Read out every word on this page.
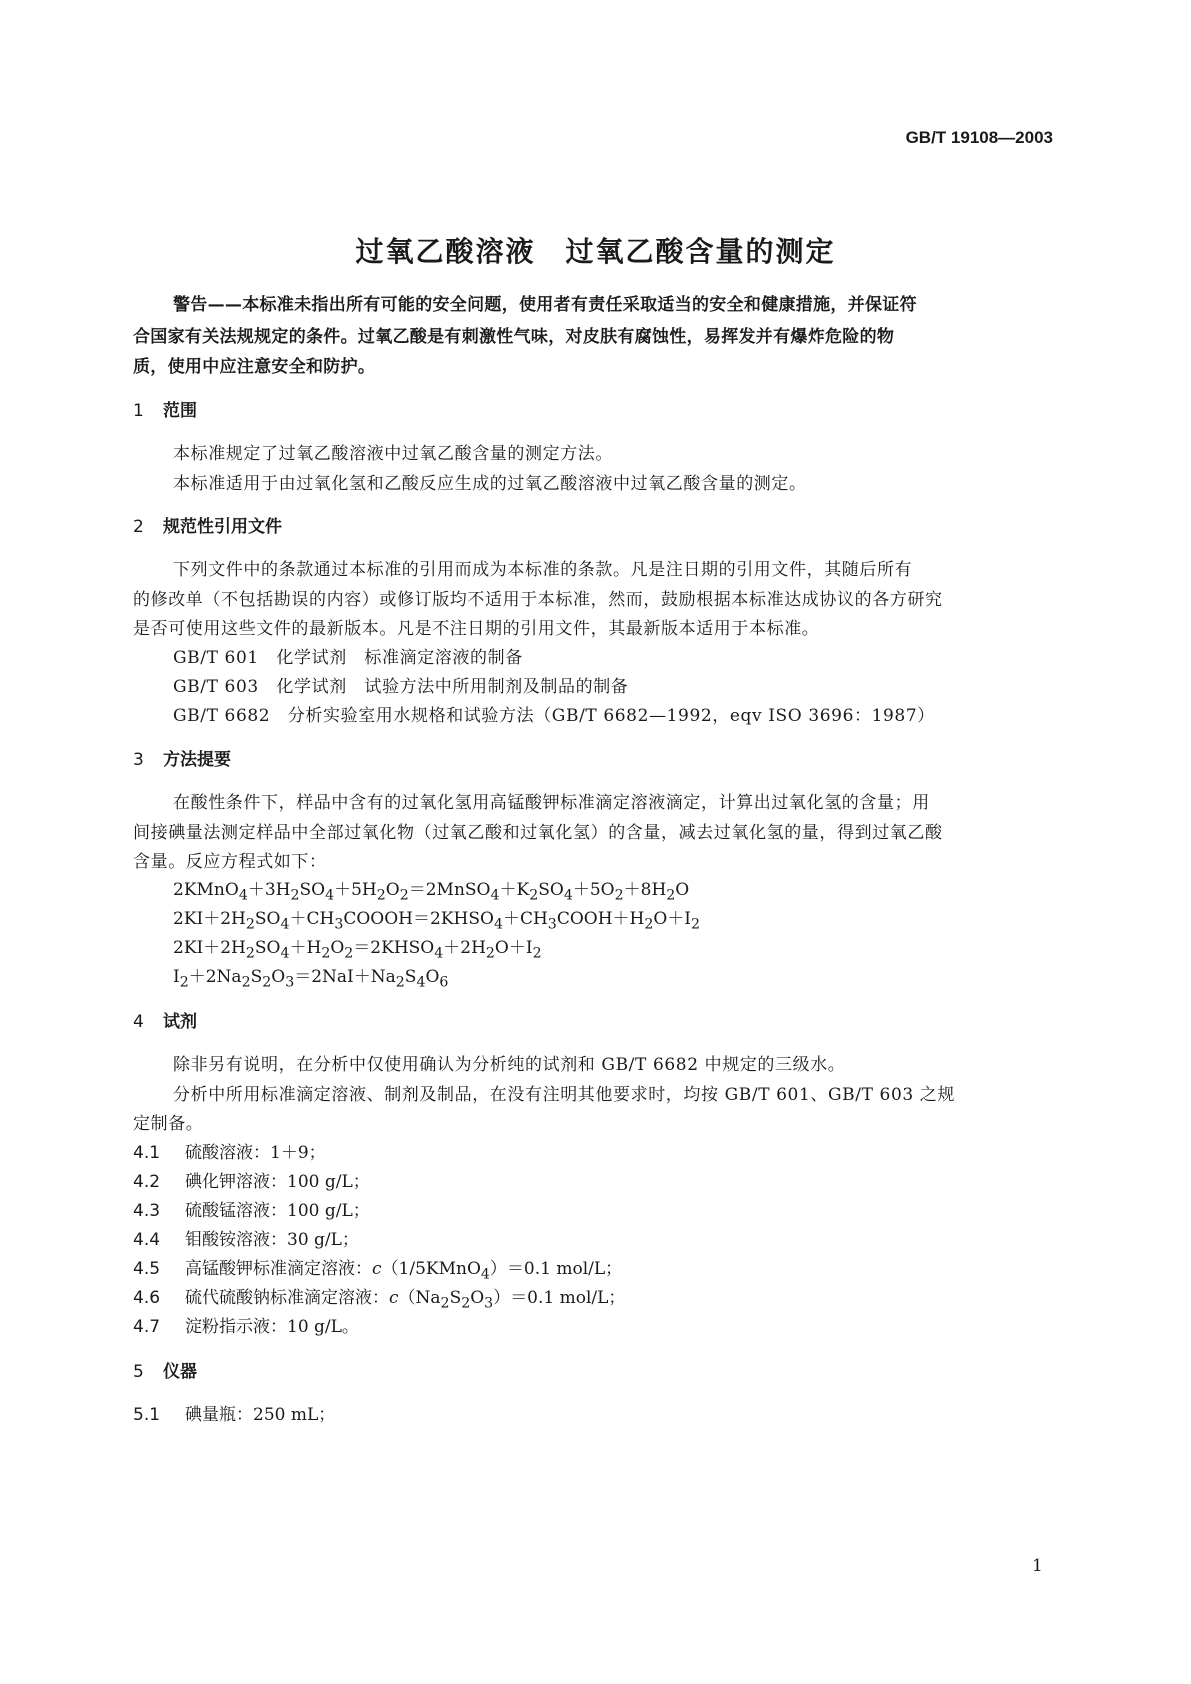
GB/T 19108—2003
过氧乙酸溶液　过氧乙酸含量的测定
警告——本标准未指出所有可能的安全问题，使用者有责任采取适当的安全和健康措施，并保证符
合国家有关法规规定的条件。过氧乙酸是有刺激性气味，对皮肤有腐蚀性，易挥发并有爆炸危险的物
质，使用中应注意安全和防护。
1 范围
本标准规定了过氧乙酸溶液中过氧乙酸含量的测定方法。
本标准适用于由过氧化氢和乙酸反应生成的过氧乙酸溶液中过氧乙酸含量的测定。
2 规范性引用文件
下列文件中的条款通过本标准的引用而成为本标准的条款。凡是注日期的引用文件，其随后所有
的修改单（不包括勘误的内容）或修订版均不适用于本标准，然而，鼓励根据本标准达成协议的各方研究
是否可使用这些文件的最新版本。凡是不注日期的引用文件，其最新版本适用于本标准。
GB/T 601　化学试剂　标准滴定溶液的制备
GB/T 603　化学试剂　试验方法中所用制剂及制品的制备
GB/T 6682　分析实验室用水规格和试验方法（GB/T 6682—1992，eqv ISO 3696：1987）
3 方法提要
在酸性条件下，样品中含有的过氧化氢用高锰酸钾标准滴定溶液滴定，计算出过氧化氢的含量；用
间接碘量法测定样品中全部过氧化物（过氧乙酸和过氧化氢）的含量，减去过氧化氢的量，得到过氧乙酸
含量。反应方程式如下：
$2KMnO_4+3H_2SO_4+5H_2O_2=2MnSO_4+K_2SO_4+5O_2+8H_2O$
$2KI+2H_2SO_4+CH_3COOOH=2KHSO_4+CH_3COOH+H_2O+I_2$
$2KI+2H_2SO_4+H_2O_2=2KHSO_4+2H_2O+I_2$
$I_2+2Na_2S_2O_3=2NaI+Na_2S_4O_6$
4 试剂
除非另有说明，在分析中仅使用确认为分析纯的试剂和 GB/T 6682 中规定的三级水。
分析中所用标准滴定溶液、制剂及制品，在没有注明其他要求时，均按 GB/T 601、GB/T 603 之规
定制备。
4.1 硫酸溶液：1＋9；
4.2 碘化钾溶液：100 g/L；
4.3 硫酸锰溶液：100 g/L；
4.4 钼酸铵溶液：30 g/L；
4.5 高锰酸钾标准滴定溶液：c（1/5KMnO$_4$）＝0.1 mol/L；
4.6 硫代硫酸钠标准滴定溶液：$c(Na_2S_2O_3)=0.1$ mol/L；
4.7 淀粉指示液：10 g/L。
5 仪器
5.1 碘量瓶：250 mL；
1
